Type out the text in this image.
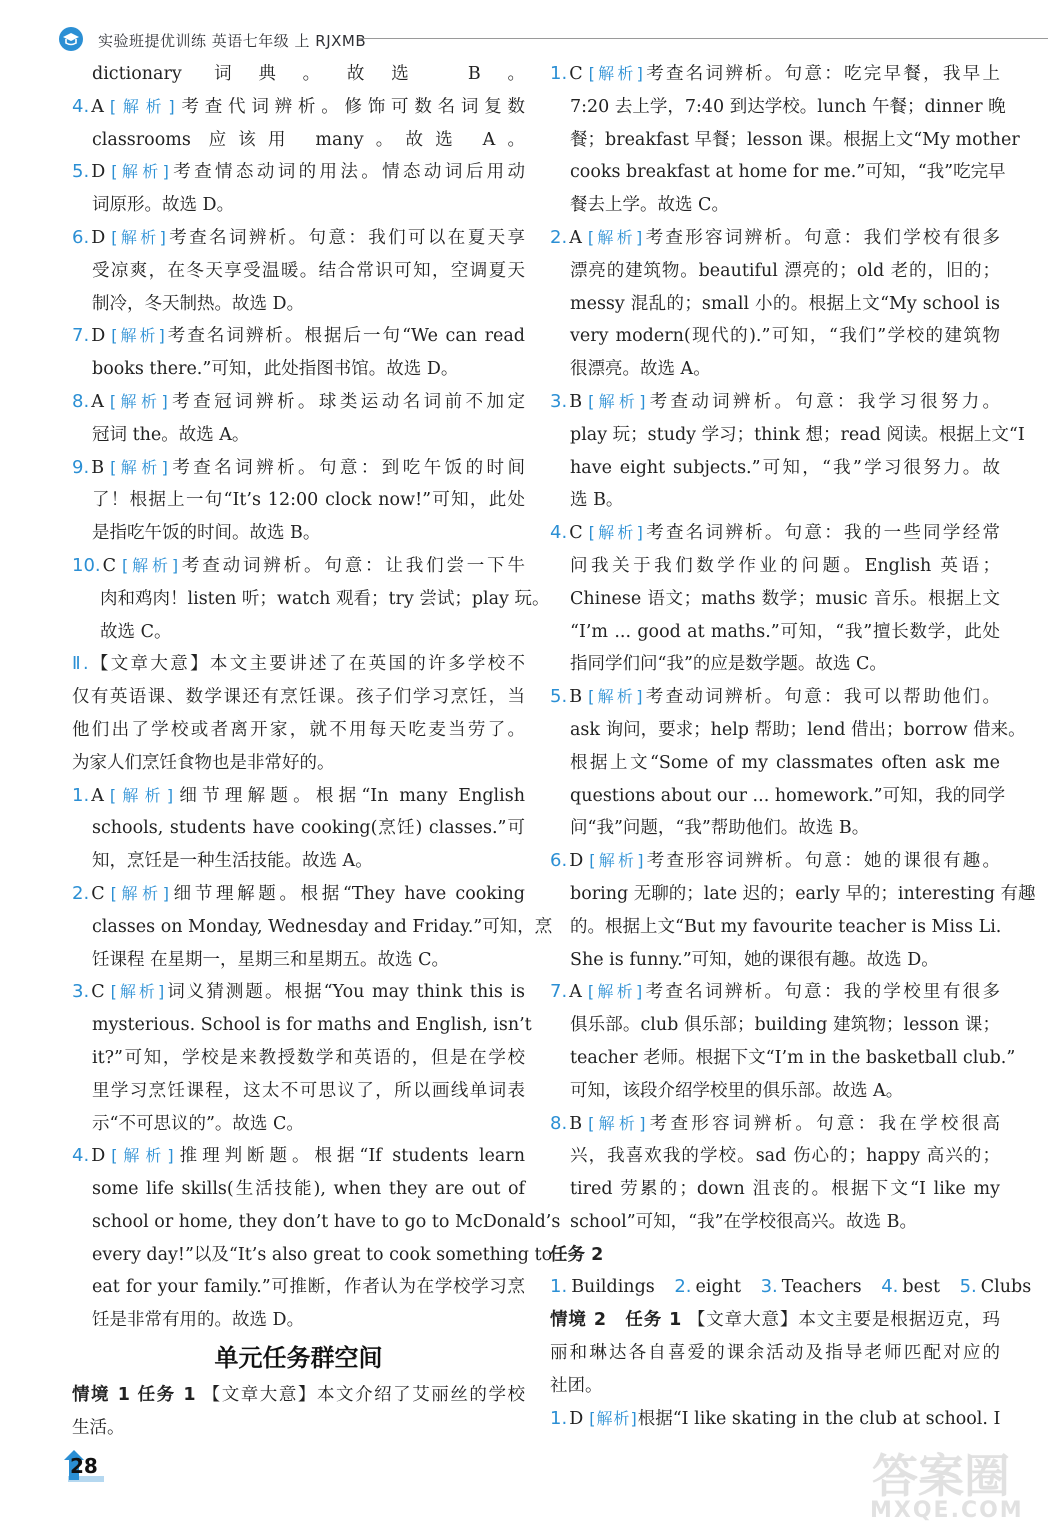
实验班提优训练 英语七年级 上 RJXMB
dictionary 词典。故选 B。
4. A [解析]考查代词辨析。修饰可数名词复数
classrooms 应该用 many。故选 A。
5. D [解析]考查情态动词的用法。情态动词后用动
词原形。故选 D。
6. D [解析]考查名词辨析。句意：我们可以在夏天享
受凉爽，在冬天享受温暖。结合常识可知，空调夏天
制冷，冬天制热。故选 D。
7. D [解析]考查名词辨析。根据后一句“We can read
books there.”可知，此处指图书馆。故选 D。
8. A [解析]考查冠词辨析。球类运动名词前不加定
冠词 the。故选 A。
9. B [解析]考查名词辨析。句意：到吃午饭的时间
了！根据上一句“It’s 12:00 clock now!”可知，此处
是指吃午饭的时间。故选 B。
10. C [解析]考查动词辨析。句意：让我们尝一下牛
肉和鸡肉！listen 听；watch 观看；try 尝试；play 玩。
故选 C。
Ⅱ.【文章大意】本文主要讲述了在英国的许多学校不
仅有英语课、数学课还有烹饪课。孩子们学习烹饪，当
他们出了学校或者离开家，就不用每天吃麦当劳了。
为家人们烹饪食物也是非常好的。
1. A [解析]细节理解题。根据“In many English
schools, students have cooking(烹饪) classes.”可
知，烹饪是一种生活技能。故选 A。
2. C [解析]细节理解题。根据“They have cooking
classes on Monday, Wednesday and Friday.”可知，烹
饪课程 在星期一，星期三和星期五。故选 C。
3. C [解析]词义猜测题。根据“You may think this is
mysterious. School is for maths and English, isn’t
it?”可知，学校是来教授数学和英语的，但是在学校
里学习烹饪课程，这太不可思议了，所以画线单词表
示“不可思议的”。故选 C。
4. D [解析]推理判断题。根据“If students learn
some life skills(生活技能), when they are out of
school or home, they don’t have to go to McDonald’s
every day!”以及“It’s also great to cook something to
eat for your family.”可推断，作者认为在学校学习烹
饪是非常有用的。故选 D。
单元任务群空间
情境 1 任务 1 【文章大意】本文介绍了艾丽丝的学校
生活。
1. C [解析]考查名词辨析。句意：吃完早餐，我早上
7:20 去上学，7:40 到达学校。lunch 午餐；dinner 晚
餐；breakfast 早餐；lesson 课。根据上文“My mother
cooks breakfast at home for me.”可知，“我”吃完早
餐去上学。故选 C。
2. A [解析]考查形容词辨析。句意：我们学校有很多
漂亮的建筑物。beautiful 漂亮的；old 老的，旧的；
messy 混乱的；small 小的。根据上文“My school is
very modern(现代的).”可知，“我们”学校的建筑物
很漂亮。故选 A。
3. B [解析]考查动词辨析。句意：我学习很努力。
play 玩；study 学习；think 想；read 阅读。根据上文“I
have eight subjects.”可知，“我”学习很努力。故
选 B。
4. C [解析]考查名词辨析。句意：我的一些同学经常
问我关于我们数学作业的问题。English 英语；
Chinese 语文；maths 数学；music 音乐。根据上文
“I’m ... good at maths.”可知，“我”擅长数学，此处
指同学们问“我”的应是数学题。故选 C。
5. B [解析]考查动词辨析。句意：我可以帮助他们。
ask 询问，要求；help 帮助；lend 借出；borrow 借来。
根据上文“Some of my classmates often ask me
questions about our ... homework.”可知，我的同学
问“我”问题，“我”帮助他们。故选 B。
6. D [解析]考查形容词辨析。句意：她的课很有趣。
boring 无聊的；late 迟的；early 早的；interesting 有趣
的。根据上文“But my favourite teacher is Miss Li.
She is funny.”可知，她的课很有趣。故选 D。
7. A [解析]考查名词辨析。句意：我的学校里有很多
俱乐部。club 俱乐部；building 建筑物；lesson 课；
teacher 老师。根据下文“I’m in the basketball club.”
可知，该段介绍学校里的俱乐部。故选 A。
8. B [解析]考查形容词辨析。句意：我在学校很高
兴，我喜欢我的学校。sad 伤心的；happy 高兴的；
tired 劳累的；down 沮丧的。根据下文“I like my
school”可知，“我”在学校很高兴。故选 B。
任务 2
1. Buildings 2. eight 3. Teachers 4. best 5. Clubs
情境 2　任务 1 【文章大意】本文主要是根据迈克，玛
丽和琳达各自喜爱的课余活动及指导老师匹配对应的
社团。
1. D [解析]根据“I like skating in the club at school. I
28	答案圈
MXQE.COM
